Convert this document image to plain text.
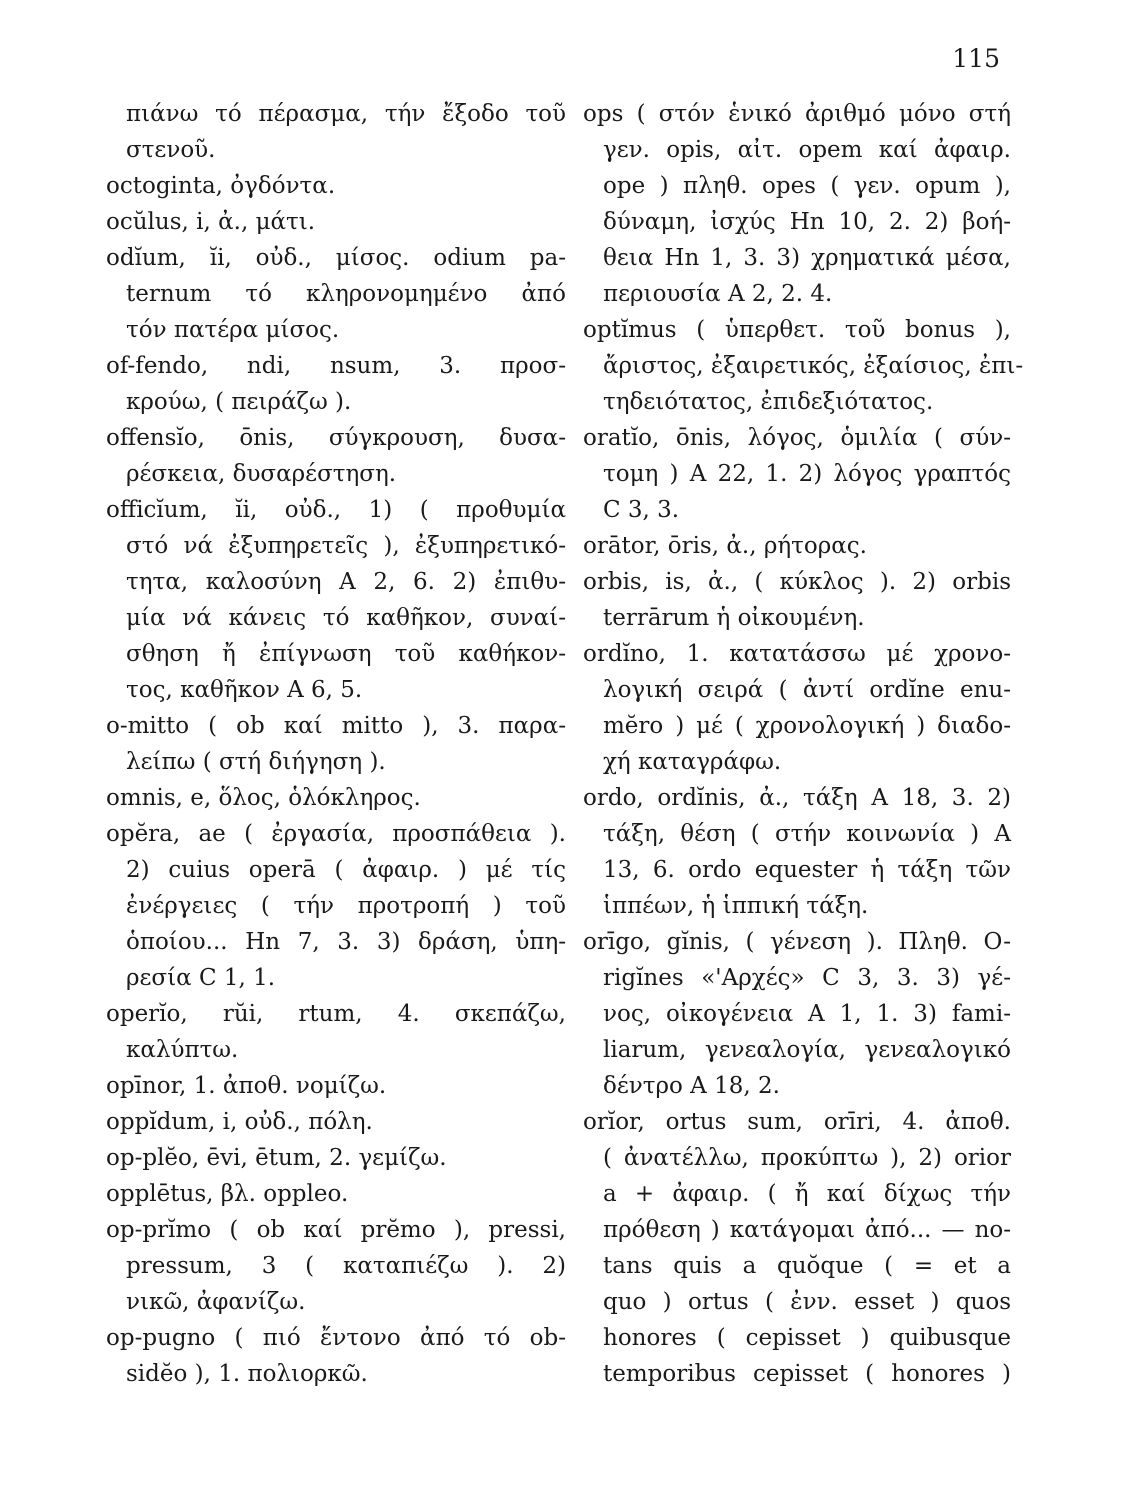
115
πιάνω τό πέρασμα, τήν ἔξοδο τοῦ
στενοῦ.
octoginta, ὀγδόντα.
ocŭlus, i, ἀ., μάτι.
odĭum, ĭi, οὐδ., μίσος. odium pa-
ternum τό κληρονομημένο ἀπό
τόν πατέρα μίσος.
of-fendo, ndi, nsum, 3. προσ-
κρούω, ( πειράζω ).
offensĭo, ōnis, σύγκρουση, δυσα-
ρέσκεια, δυσαρέστηση.
officĭum, ĭi, οὐδ., 1) ( προθυμία
στό νά ἐξυπηρετεῖς ), ἐξυπηρετικό-
τητα, καλοσύνη A 2, 6. 2) ἐπιθυ-
μία νά κάνεις τό καθῆκον, συναί-
σθηση ἤ ἐπίγνωση τοῦ καθήκον-
τος, καθῆκον A 6, 5.
o-mitto ( ob καί mitto ), 3. παρα-
λείπω ( στή διήγηση ).
omnis, e, ὅλος, ὁλόκληρος.
opĕra, ae ( ἐργασία, προσπάθεια ).
2) cuius operā ( ἀφαιρ. ) μέ τίς
ἐνέργειες ( τήν προτροπή ) τοῦ
ὁποίου... Hn 7, 3. 3) δράση, ὑπη-
ρεσία C 1, 1.
operĭo, rŭi, rtum, 4. σκεπάζω,
καλύπτω.
opīnor, 1. ἀποθ. νομίζω.
oppĭdum, i, οὐδ., πόλη.
op-plĕo, ēvi, ētum, 2. γεμίζω.
opplētus, βλ. oppleo.
op-prĭmo ( ob καί prĕmo ), pressi,
pressum, 3 ( καταπιέζω ). 2)
νικῶ, ἀφανίζω.
op-pugno ( πιό ἔντονο ἀπό τό ob-
sidĕo ), 1. πολιορκῶ.
ops ( στόν ἑνικό ἀριθμό μόνο στή
γεν. opis, αἰτ. opem καί ἀφαιρ.
ope ) πληθ. opes ( γεν. opum ),
δύναμη, ἰσχύς Hn 10, 2. 2) βοή-
θεια Hn 1, 3. 3) χρηματικά μέσα,
περιουσία A 2, 2. 4.
optĭmus ( ὑπερθετ. τοῦ bonus ),
ἄριστος, ἐξαιρετικός, ἐξαίσιος, ἐπι-
τηδειότατος, ἐπιδεξιότατος.
oratĭo, ōnis, λόγος, ὁμιλία ( σύν-
τομη ) A 22, 1. 2) λόγος γραπτός
C 3, 3.
orātor, ōris, ἀ., ρήτορας.
orbis, is, ἀ., ( κύκλος ). 2) orbis
terrārum ἡ οἰκουμένη.
ordĭno, 1. κατατάσσω μέ χρονο-
λογική σειρά ( ἀντί ordĭne enu-
mĕro ) μέ ( χρονολογική ) διαδο-
χή καταγράφω.
ordo, ordĭnis, ἀ., τάξη A 18, 3. 2)
τάξη, θέση ( στήν κοινωνία ) A
13, 6. ordo equester ἡ τάξη τῶν
ἱππέων, ἡ ἱππική τάξη.
orīgo, gĭnis, ( γένεση ). Πληθ. O-
rigĭnes «'Αρχές» C 3, 3. 3) γέ-
νος, οἰκογένεια A 1, 1. 3) fami-
liarum, γενεαλογία, γενεαλογικό
δέντρο A 18, 2.
orĭor, ortus sum, orīri, 4. ἀποθ.
( ἀνατέλλω, προκύπτω ), 2) orior
a + ἀφαιρ. ( ἤ καί δίχως τήν
πρόθεση ) κατάγομαι ἀπό... — no-
tans quis a quŏque ( = et a
quo ) ortus ( ἐνν. esset ) quos
honores ( cepisset ) quibusque
temporibus cepisset ( honores )
